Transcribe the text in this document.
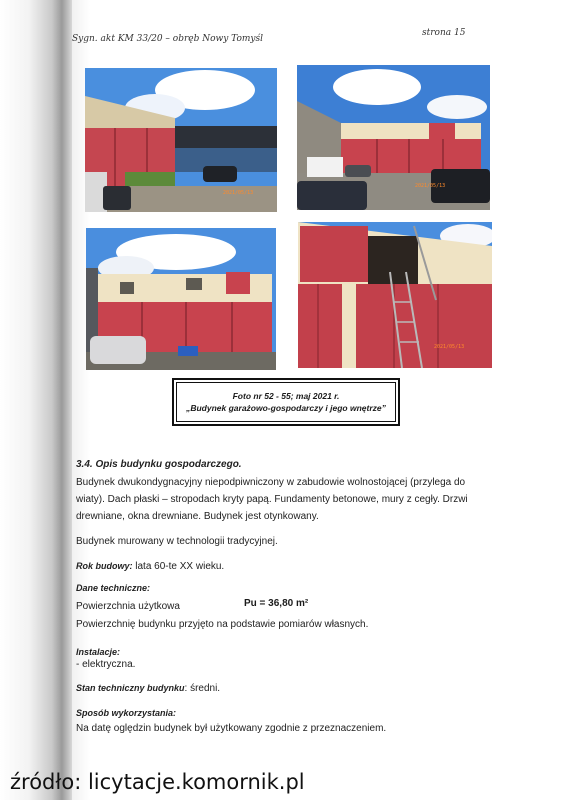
Sygn. akt KM 33/20 – obręb Nowy Tomyśl
strona 15
2021/05/13
2021/05/13
2021/05/13
Foto nr 52 - 55; maj 2021 r.
„Budynek garażowo-gospodarczy i jego wnętrze”
3.4. Opis budynku gospodarczego.
Budynek dwukondygnacyjny niepodpiwniczony w zabudowie wolnostojącej (przylega do
wiaty). Dach płaski – stropodach kryty papą. Fundamenty betonowe, mury z cegły. Drzwi
drewniane, okna drewniane. Budynek jest otynkowany.
Budynek murowany w technologii tradycyjnej.
Rok budowy: lata 60-te XX wieku.
Dane techniczne:
Powierzchnia użytkowa	Pu = 36,80 m²
Powierzchnię budynku przyjęto na podstawie pomiarów własnych.
Instalacje:
- elektryczna.
Stan techniczny budynku: średni.
Sposób wykorzystania:
Na datę oględzin budynek był użytkowany zgodnie z przeznaczeniem.
źródło: licytacje.komornik.pl
